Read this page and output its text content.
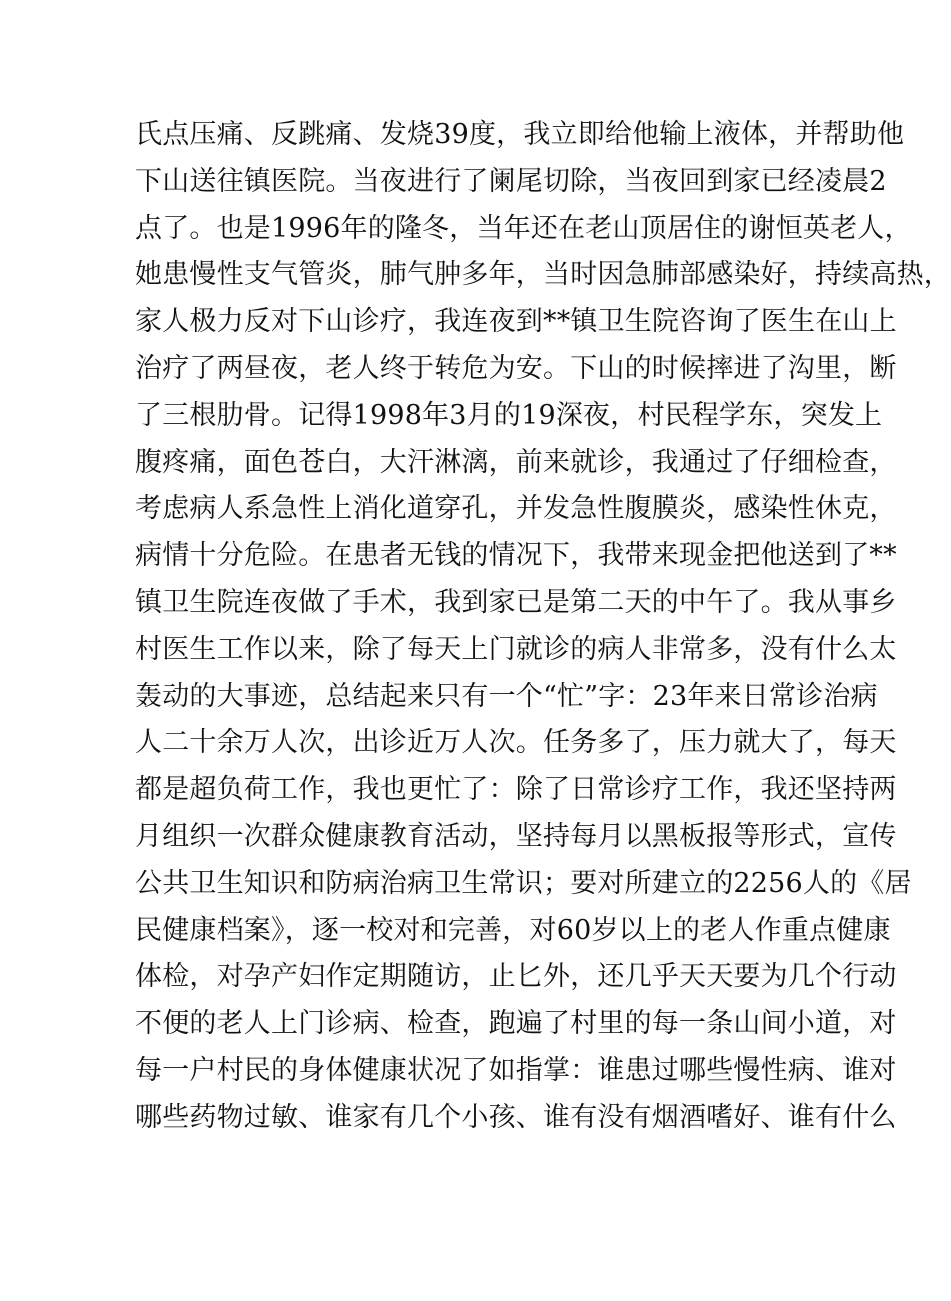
氏点压痛、反跳痛、发烧39度，我立即给他输上液体，并帮助他
下山送往镇医院。当夜进行了阑尾切除，当夜回到家已经凌晨2
点了。也是1996年的隆冬，当年还在老山顶居住的谢恒英老人，
她患慢性支气管炎，肺气肿多年，当时因急肺部感染好，持续高热，
家人极力反对下山诊疗，我连夜到**镇卫生院咨询了医生在山上
治疗了两昼夜，老人终于转危为安。下山的时候摔进了沟里，断
了三根肋骨。记得1998年3月的19深夜，村民程学东，突发上
腹疼痛，面色苍白，大汗淋漓，前来就诊，我通过了仔细检查，
考虑病人系急性上消化道穿孔，并发急性腹膜炎，感染性休克，
病情十分危险。在患者无钱的情况下，我带来现金把他送到了**
镇卫生院连夜做了手术，我到家已是第二天的中午了。我从事乡
村医生工作以来，除了每天上门就诊的病人非常多，没有什么太
轰动的大事迹，总结起来只有一个“忙”字：23年来日常诊治病
人二十余万人次，出诊近万人次。任务多了，压力就大了，每天
都是超负荷工作，我也更忙了：除了日常诊疗工作，我还坚持两
月组织一次群众健康教育活动，坚持每月以黑板报等形式，宣传
公共卫生知识和防病治病卫生常识；要对所建立的2256人的《居
民健康档案》，逐一校对和完善，对60岁以上的老人作重点健康
体检，对孕产妇作定期随访，止匕外，还几乎天天要为几个行动
不便的老人上门诊病、检查，跑遍了村里的每一条山间小道，对
每一户村民的身体健康状况了如指掌：谁患过哪些慢性病、谁对
哪些药物过敏、谁家有几个小孩、谁有没有烟酒嗜好、谁有什么
